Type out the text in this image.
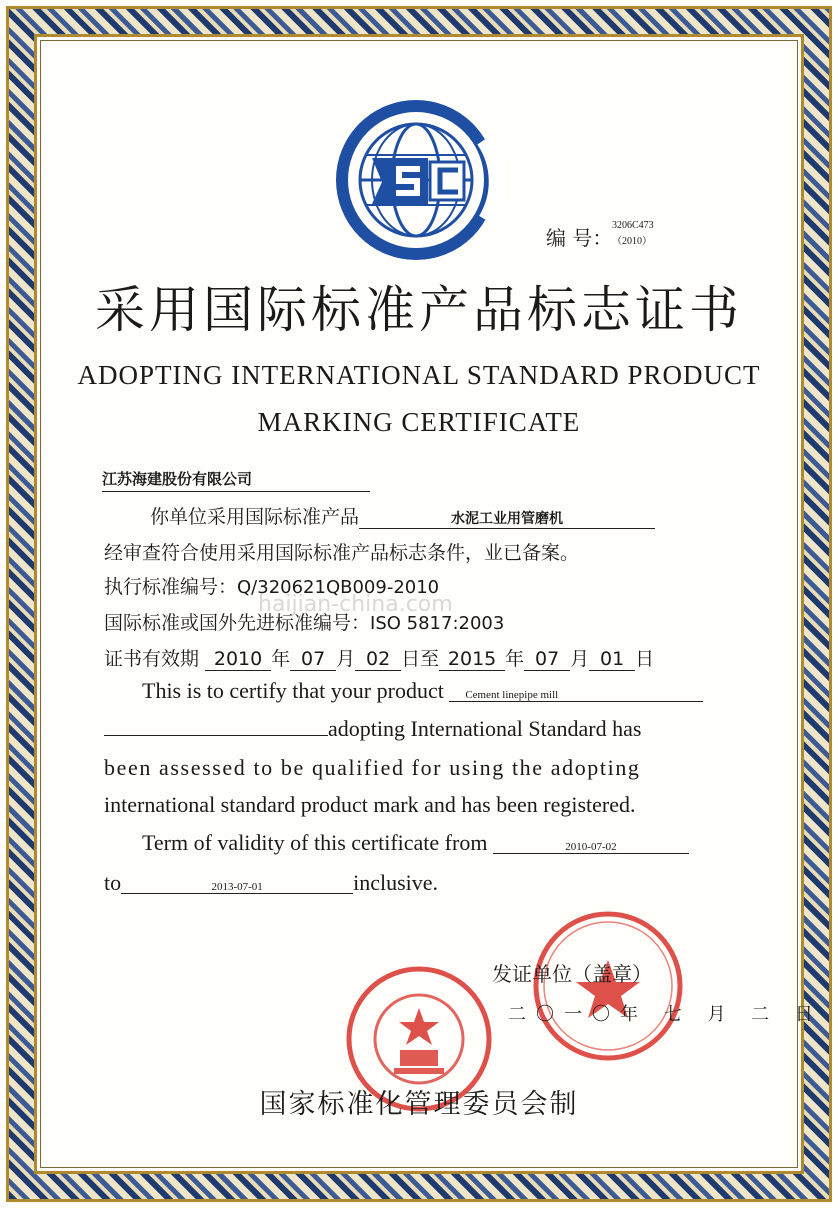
编 号：
3206C473
（2010）
采用国际标准产品标志证书
ADOPTING INTERNATIONAL STANDARD PRODUCT
MARKING CERTIFICATE
江苏海建股份有限公司
你单位采用国际标准产品	水泥工业用管磨机
经审查符合使用采用国际标准产品标志条件，业已备案。
执行标准编号：Q/320621QB009-2010
haijian-china.com
国际标准或国外先进标准编号：ISO 5817:2003
证书有效期 2010 年 07 月 02 日至 2015 年 07 月 01 日
This is to certify that your product Cement linepipe mill
adopting International Standard has
been assessed to be qualified for using the adopting
international standard product mark and has been registered.
Term of validity of this certificate from	2010-07-02
to	2013-07-01	inclusive.
发证单位（盖章）
二〇一〇年 七 月 二 日
国家标准化管理委员会制
